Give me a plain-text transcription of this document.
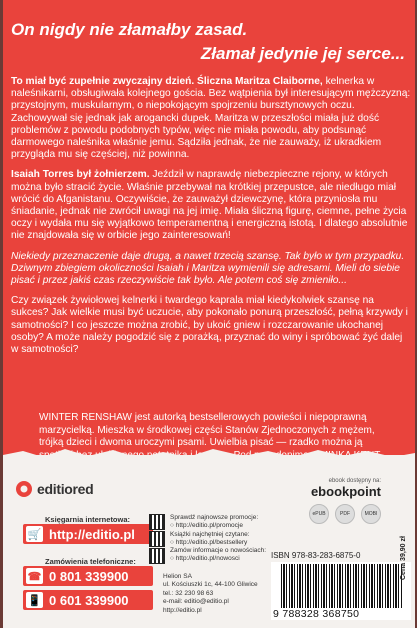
On nigdy nie złamałby zasad.
Złamał jedynie jej serce...

To miał być zupełnie zwyczajny dzień. Śliczna Maritza Claiborne, kelnerka w naleśnikarni, obsługiwała kolejnego gościa. Bez wątpienia był interesującym mężczyzną: przystojnym, muskularnym, o niepokojącym spojrzeniu bursztynowych oczu. Zachowywał się jednak jak arogancki dupek. Maritza w przeszłości miała już dość problemów z powodu podobnych typów, więc nie miała powodu, aby podsunąć darmowego naleśnika właśnie jemu. Sądziła jednak, że nie zauważy, iż ukradkiem przygląda mu się częściej, niż powinna.

Isaiah Torres był żołnierzem. Jeździł w naprawdę niebezpieczne rejony, w których można było stracić życie. Właśnie przebywał na krótkiej przepustce, ale niedługo miał wrócić do Afganistanu. Oczywiście, że zauważył dziewczynę, która przyniosła mu śniadanie, jednak nie zwrócił uwagi na jej imię. Miała śliczną figurę, ciemne, pełne życia oczy i wydała mu się wyjątkowo temperamentną i energiczną istotą. I dlatego absolutnie nie znajdowała się w orbicie jego zainteresowań!

Niekiedy przeznaczenie daje drugą, a nawet trzecią szansę. Tak było w tym przypadku. Dziwnym zbiegiem okoliczności Isaiah i Maritza wymienili się adresami. Mieli do siebie pisać i przez jakiś czas rzeczywiście tak było. Ale potem coś się zmieniło...

Czy związek żywiołowej kelnerki i twardego kaprala miał kiedykolwiek szansę na sukces? Jak wielkie musi być uczucie, aby pokonało ponurą przeszłość, pełną krzywdy i samotności? I co jeszcze można zrobić, by ukoić gniew i rozczarowanie ukochanej osoby? A może należy pogodzić się z porażką, przyznać do winy i spróbować żyć dalej w samotności?

WINTER RENSHAW jest autorką bestsellerowych powieści i niepoprawną marzycielką. Mieszka w środkowej części Stanów Zjednoczonych z mężem, trójką dzieci i dwoma uroczymi psami. Uwielbia pisać — rzadko można ją
editiored	ebook dostępny na:
ebookpoint
ePUB	PDF	MOBI
Księgarnia internetowa:
🛒 http://editio.pl
Zamówienia telefoniczne:
☎ 0 801 339900
📱 0 601 339900
Sprawdź najnowsze promocje:
○ http://editio.pl/promocje
Książki najchętniej czytane:
○ http://editio.pl/bestsellery
Zamów informacje o nowościach:
○ http://editio.pl/nowosci
Helion SA
ul. Kościuszki 1c, 44-100 Gliwice
tel.: 32 230 98 63
e-mail: editio@editio.pl
http://editio.pl
ISBN 978-83-283-6875-0
9 788328 368750
Cena 39,90 zł
